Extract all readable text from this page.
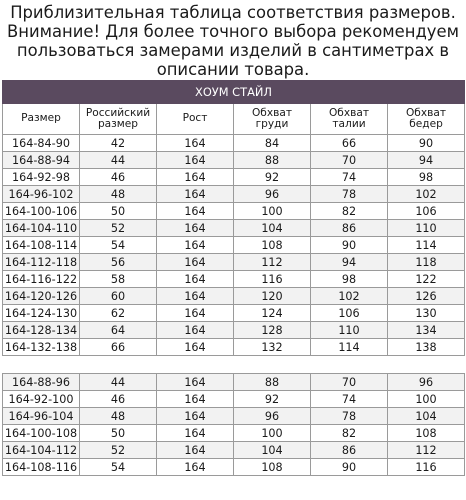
Приблизительная таблица соответствия размеров.
Внимание! Для более точного выбора рекомендуем
пользоваться замерами изделий в сантиметрах в
описании товара.
ХОУМ СТАЙЛ					
Размер	Российский размер	Рост	Обхват груди	Обхват талии	Обхват бедер
164-84-90	42	164	84	66	90
164-88-94	44	164	88	70	94
164-92-98	46	164	92	74	98
164-96-102	48	164	96	78	102
164-100-106	50	164	100	82	106
164-104-110	52	164	104	86	110
164-108-114	54	164	108	90	114
164-112-118	56	164	112	94	118
164-116-122	58	164	116	98	122
164-120-126	60	164	120	102	126
164-124-130	62	164	124	106	130
164-128-134	64	164	128	110	134
164-132-138	66	164	132	114	138
164-88-96	44	164	88	70	96
164-92-100	46	164	92	74	100
164-96-104	48	164	96	78	104
164-100-108	50	164	100	82	108
164-104-112	52	164	104	86	112
164-108-116	54	164	108	90	116
